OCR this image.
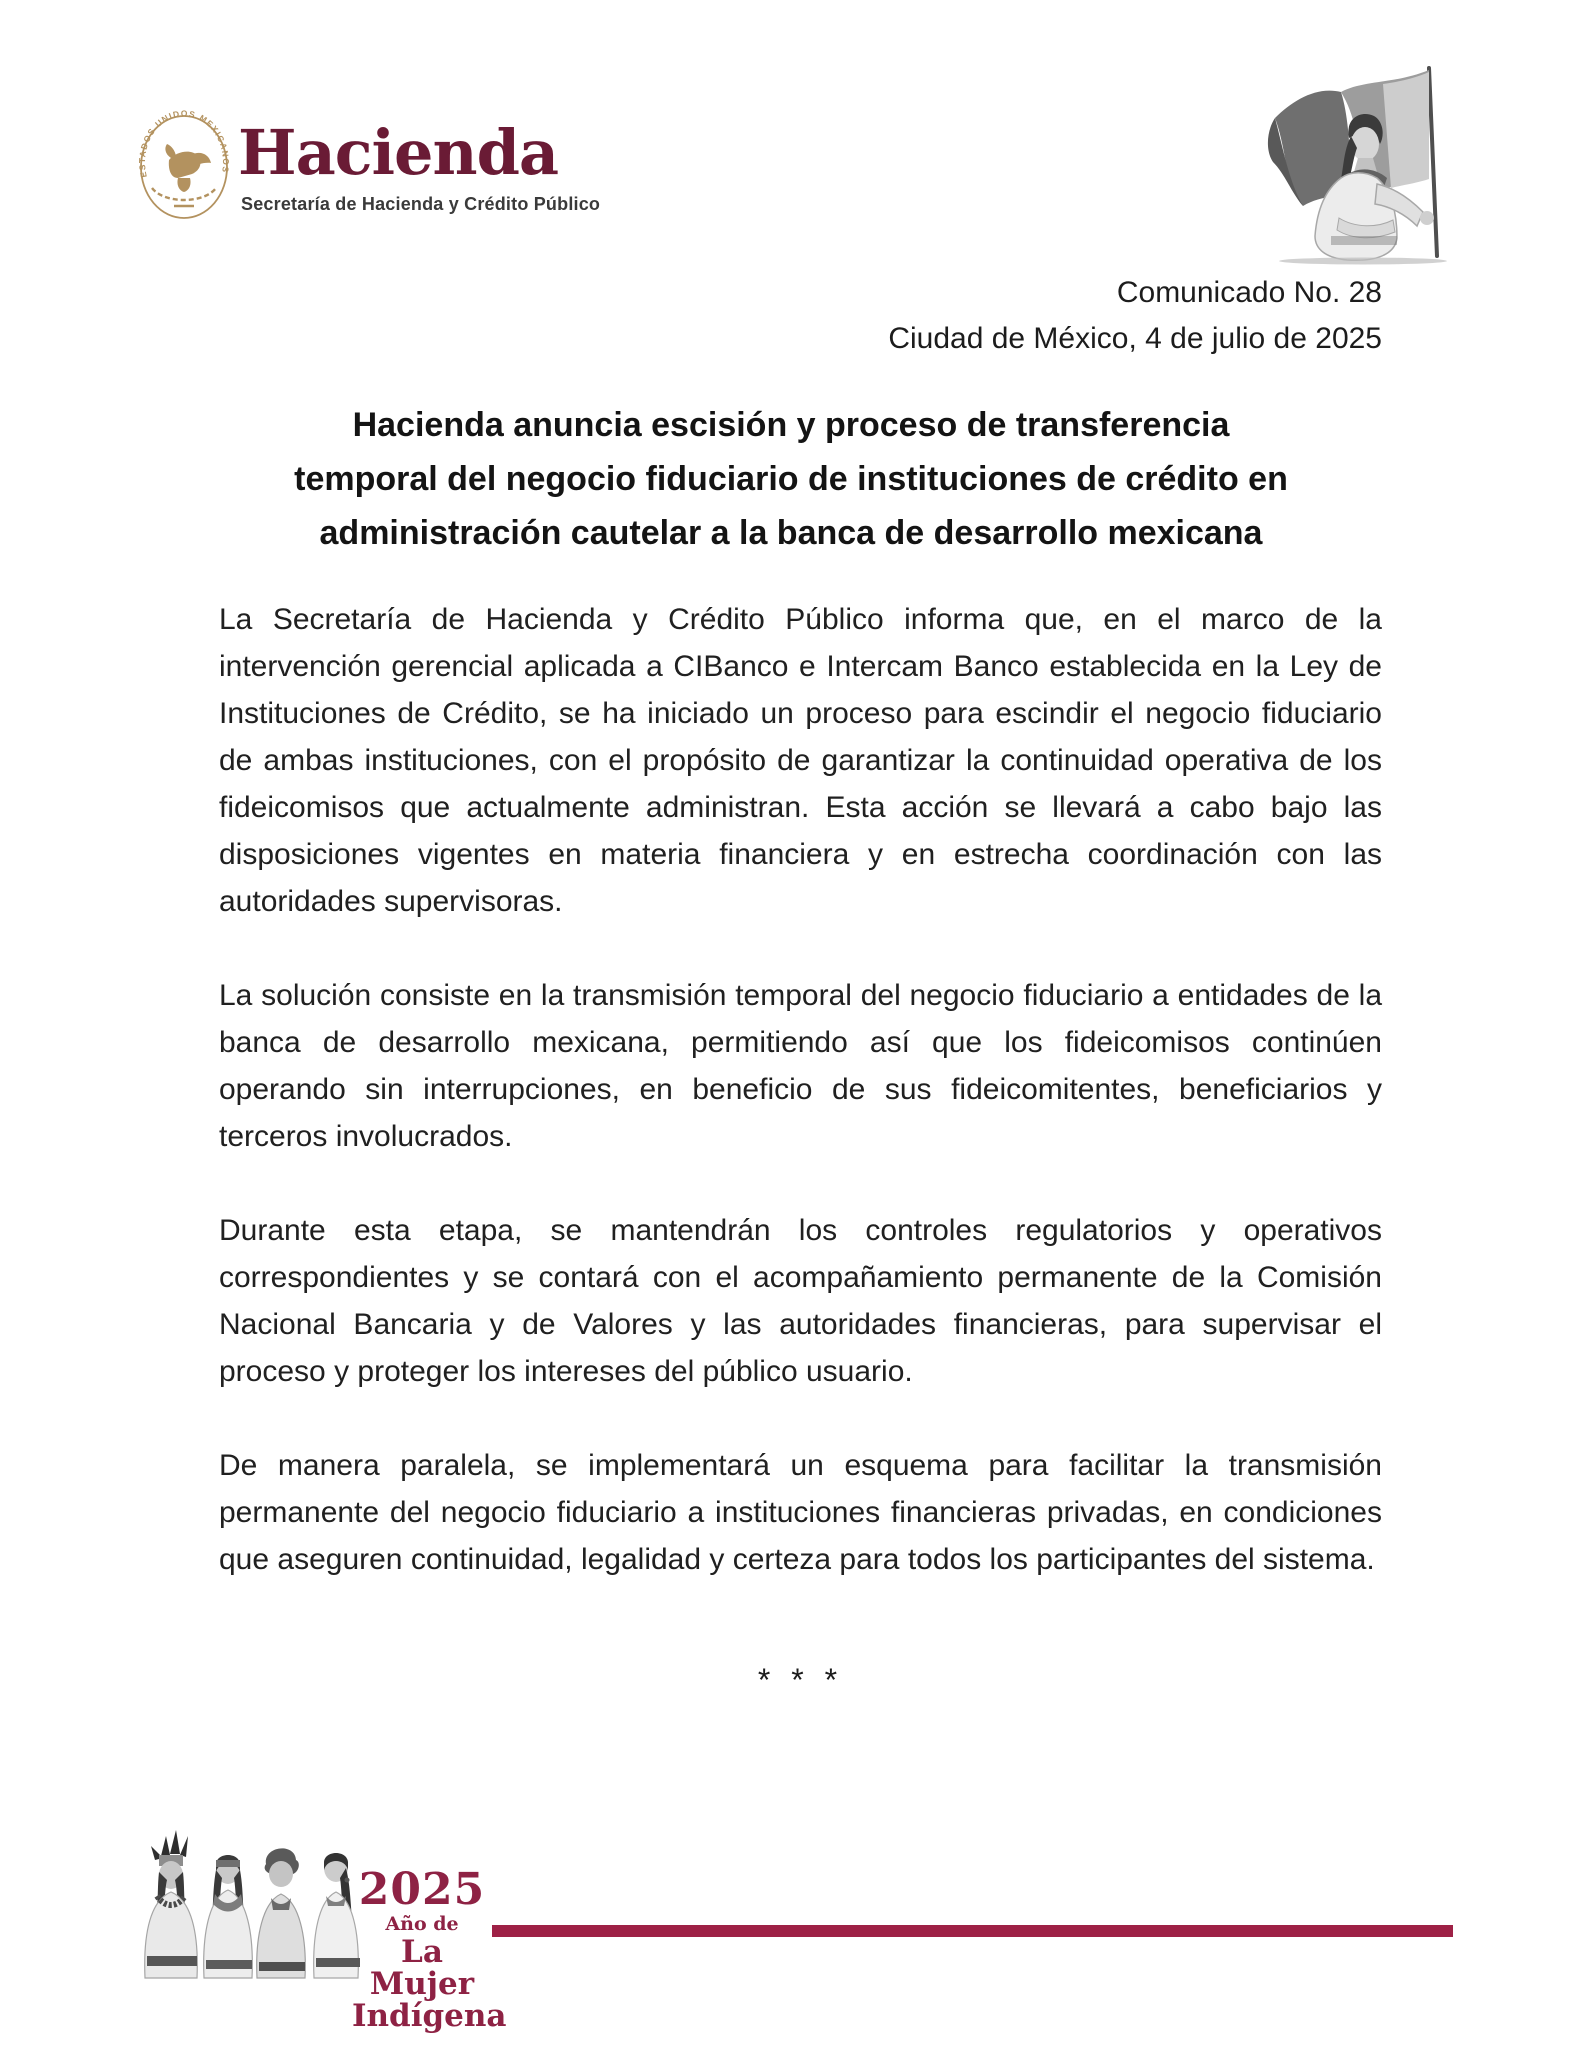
ESTADOS UNIDOS MEXICANOS Hacienda
Secretaría de Hacienda y Crédito Público
Comunicado No. 28
Ciudad de México, 4 de julio de 2025
Hacienda anuncia escisión y proceso de transferencia
temporal del negocio fiduciario de instituciones de crédito en
administración cautelar a la banca de desarrollo mexicana

La Secretaría de Hacienda y Crédito Público informa que, en el marco de la intervención gerencial aplicada a CIBanco e Intercam Banco establecida en la Ley de Instituciones de Crédito, se ha iniciado un proceso para escindir el negocio fiduciario de ambas instituciones, con el propósito de garantizar la continuidad operativa de los fideicomisos que actualmente administran. Esta acción se llevará a cabo bajo las disposiciones vigentes en materia financiera y en estrecha coordinación con las autoridades supervisoras.

La solución consiste en la transmisión temporal del negocio fiduciario a entidades de la banca de desarrollo mexicana, permitiendo así que los fideicomisos continúen operando sin interrupciones, en beneficio de sus fideicomitentes, beneficiarios y terceros involucrados.

Durante esta etapa, se mantendrán los controles regulatorios y operativos correspondientes y se contará con el acompañamiento permanente de la Comisión Nacional Bancaria y de Valores y las autoridades financieras, para supervisar el proceso y proteger los intereses del público usuario.

De manera paralela, se implementará un esquema para facilitar la transmisión permanente del negocio fiduciario a instituciones financieras privadas, en condiciones que aseguren continuidad, legalidad y certeza para todos los participantes del sistema.

* * *
2025
Año de
La Mujer
Indígena
